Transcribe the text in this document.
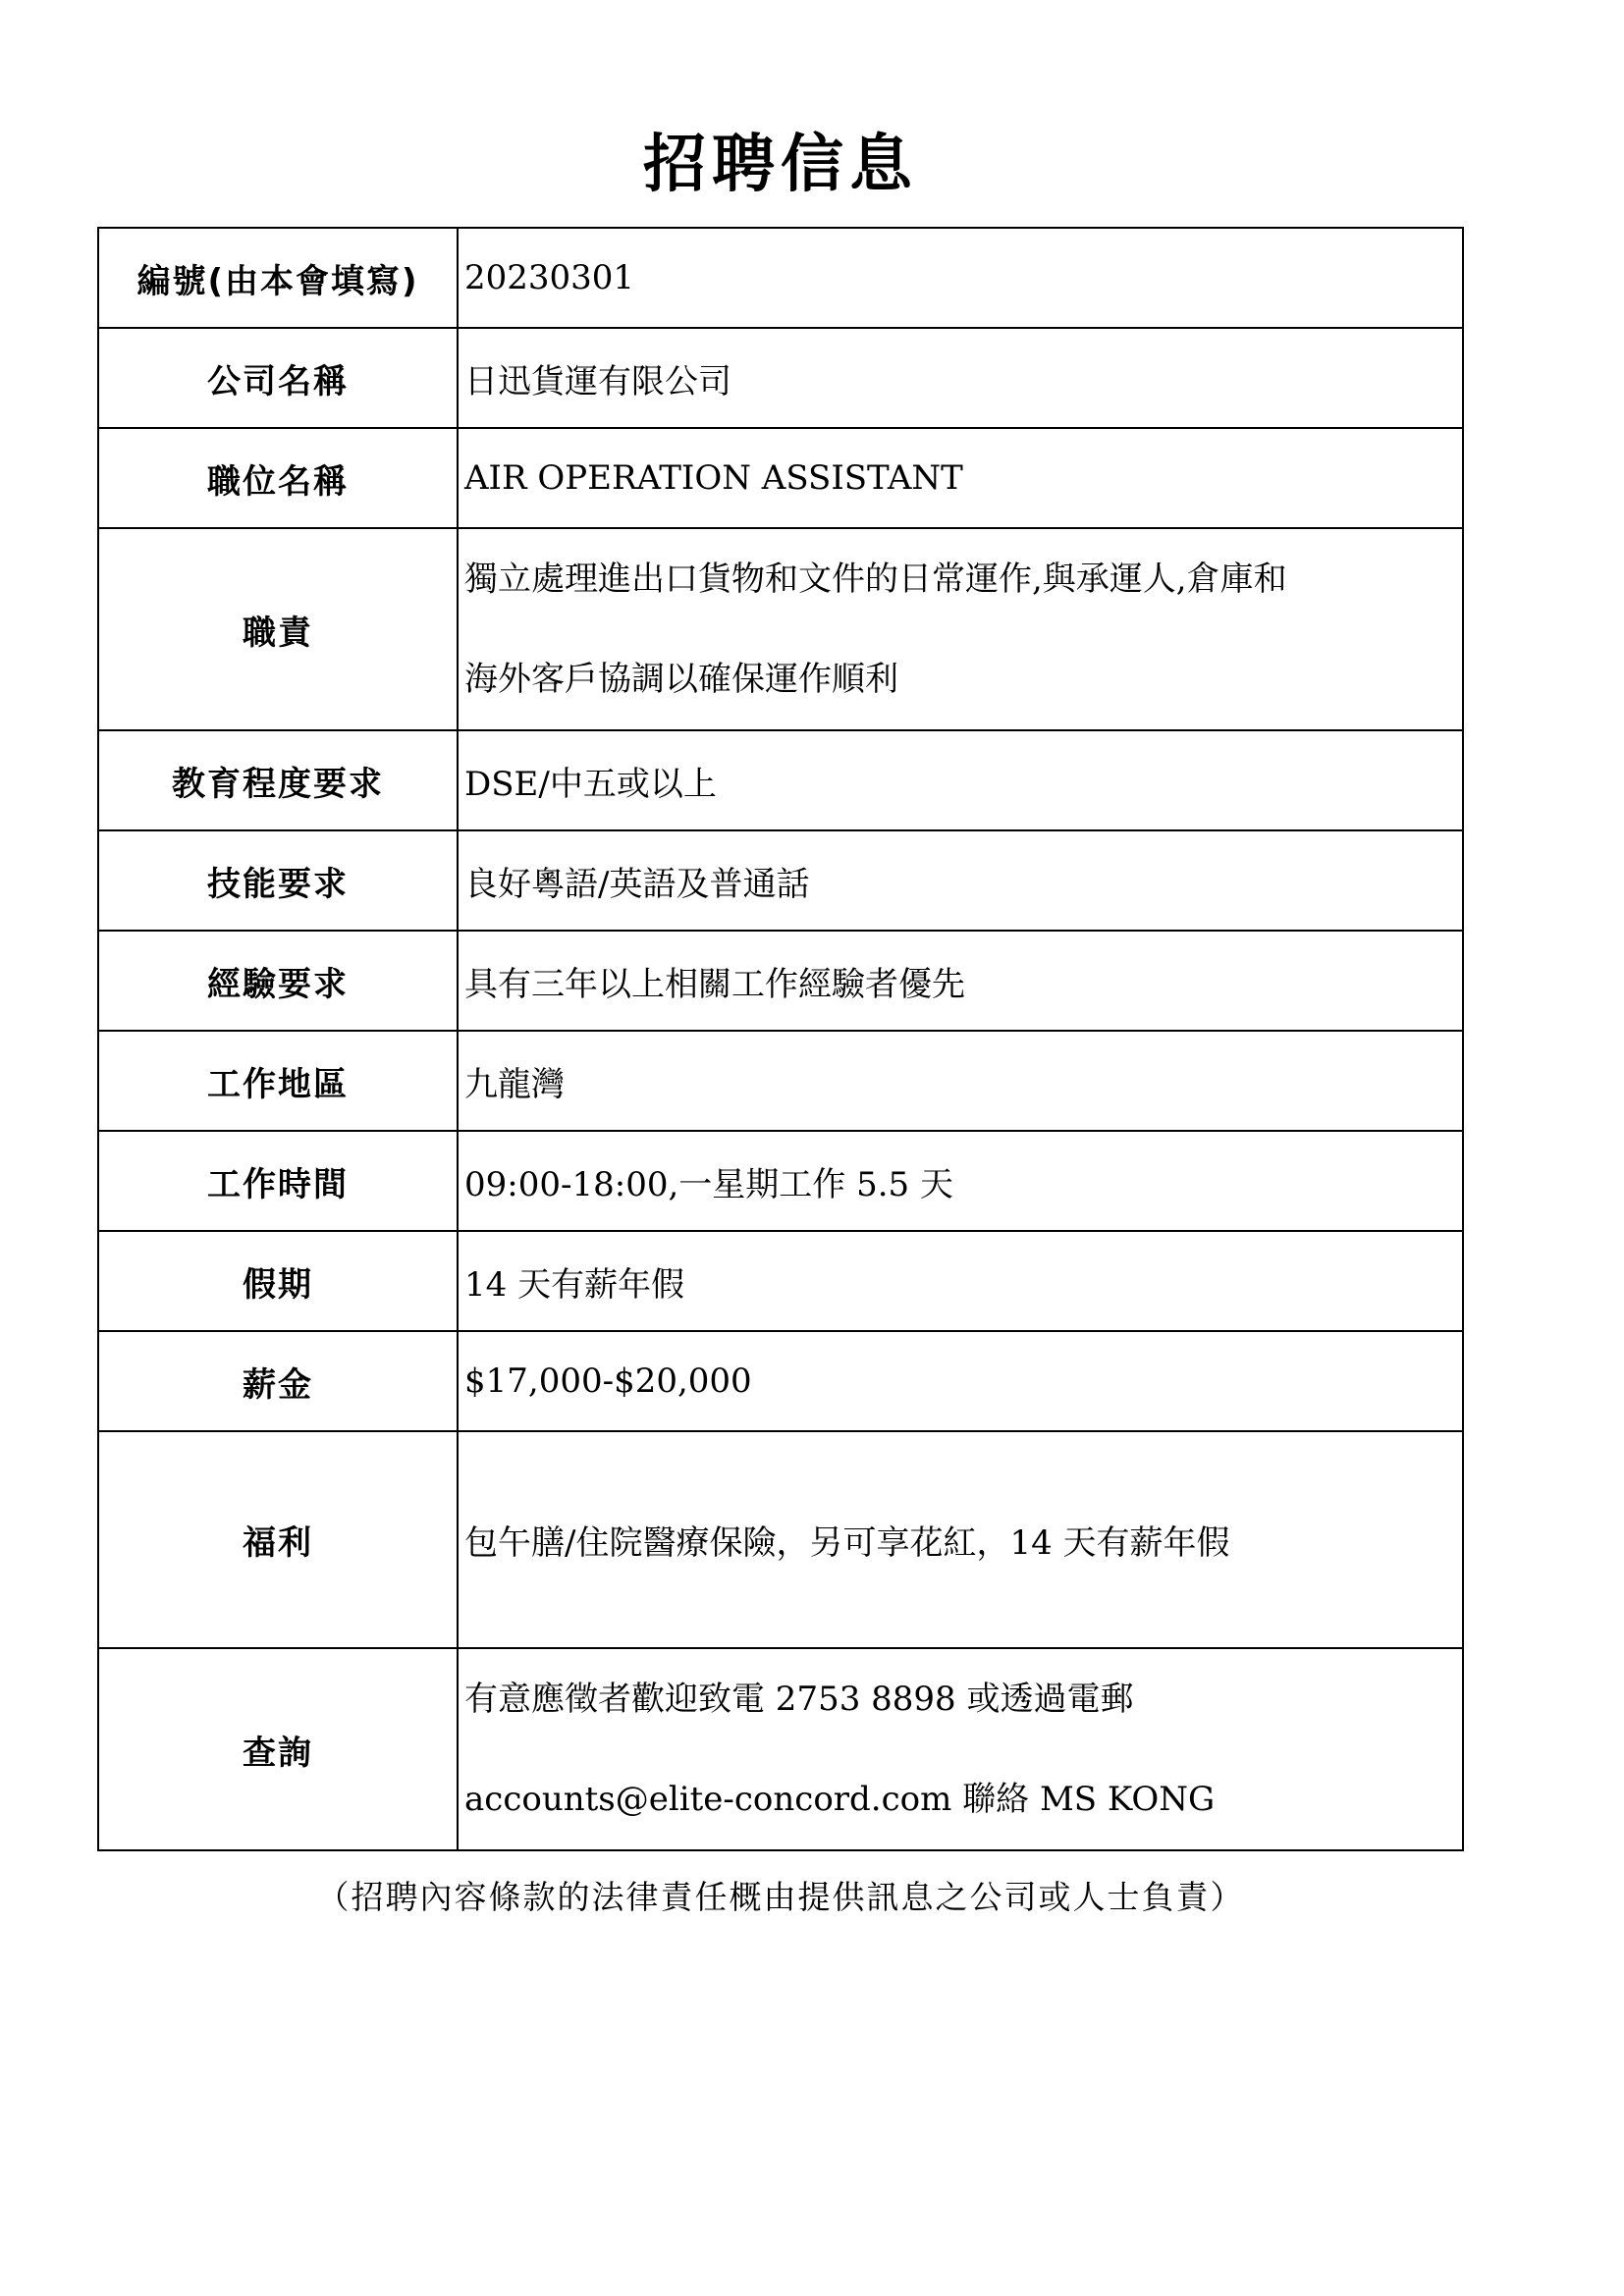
招聘信息
編號(由本會填寫)	20230301

公司名稱	日迅貨運有限公司

職位名稱	AIR OPERATION ASSISTANT

職責	獨立處理進出口貨物和文件的日常運作,與承運人,倉庫和
海外客戶協調以確保運作順利

教育程度要求	DSE/中五或以上

技能要求	良好粵語/英語及普通話

經驗要求	具有三年以上相關工作經驗者優先

工作地區	九龍灣

工作時間	09:00-18:00,一星期工作 5.5 天

假期	14 天有薪年假

薪金	$17,000-$20,000

福利	包午膳/住院醫療保險，另可享花紅，14 天有薪年假

查詢	有意應徵者歡迎致電 2753 8898 或透過電郵
accounts@elite-concord.com 聯絡 MS KONG
（招聘內容條款的法律責任概由提供訊息之公司或人士負責）
